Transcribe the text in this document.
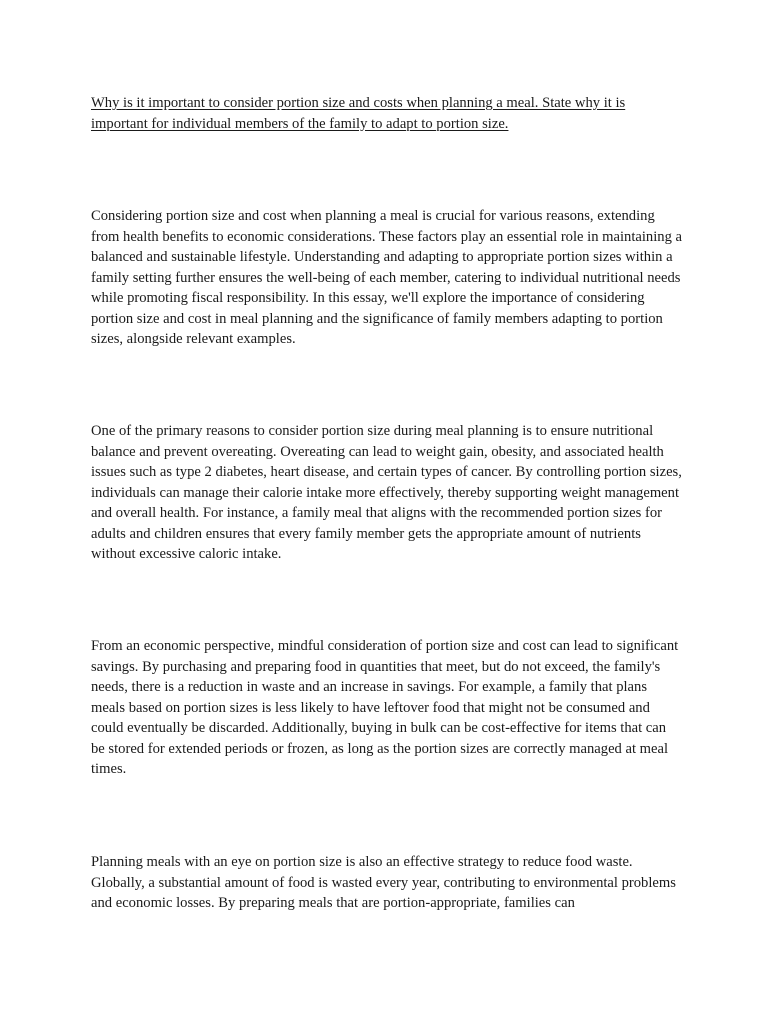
Why is it important to consider portion size and costs when planning a meal. State why it is important for individual members of the family to adapt to portion size.

Considering portion size and cost when planning a meal is crucial for various reasons, extending from health benefits to economic considerations. These factors play an essential role in maintaining a balanced and sustainable lifestyle. Understanding and adapting to appropriate portion sizes within a family setting further ensures the well-being of each member, catering to individual nutritional needs while promoting fiscal responsibility. In this essay, we'll explore the importance of considering portion size and cost in meal planning and the significance of family members adapting to portion sizes, alongside relevant examples.

One of the primary reasons to consider portion size during meal planning is to ensure nutritional balance and prevent overeating. Overeating can lead to weight gain, obesity, and associated health issues such as type 2 diabetes, heart disease, and certain types of cancer. By controlling portion sizes, individuals can manage their calorie intake more effectively, thereby supporting weight management and overall health. For instance, a family meal that aligns with the recommended portion sizes for adults and children ensures that every family member gets the appropriate amount of nutrients without excessive caloric intake.

From an economic perspective, mindful consideration of portion size and cost can lead to significant savings. By purchasing and preparing food in quantities that meet, but do not exceed, the family's needs, there is a reduction in waste and an increase in savings. For example, a family that plans meals based on portion sizes is less likely to have leftover food that might not be consumed and could eventually be discarded. Additionally, buying in bulk can be cost-effective for items that can be stored for extended periods or frozen, as long as the portion sizes are correctly managed at meal times.

Planning meals with an eye on portion size is also an effective strategy to reduce food waste. Globally, a substantial amount of food is wasted every year, contributing to environmental problems and economic losses. By preparing meals that are portion-appropriate, families can
